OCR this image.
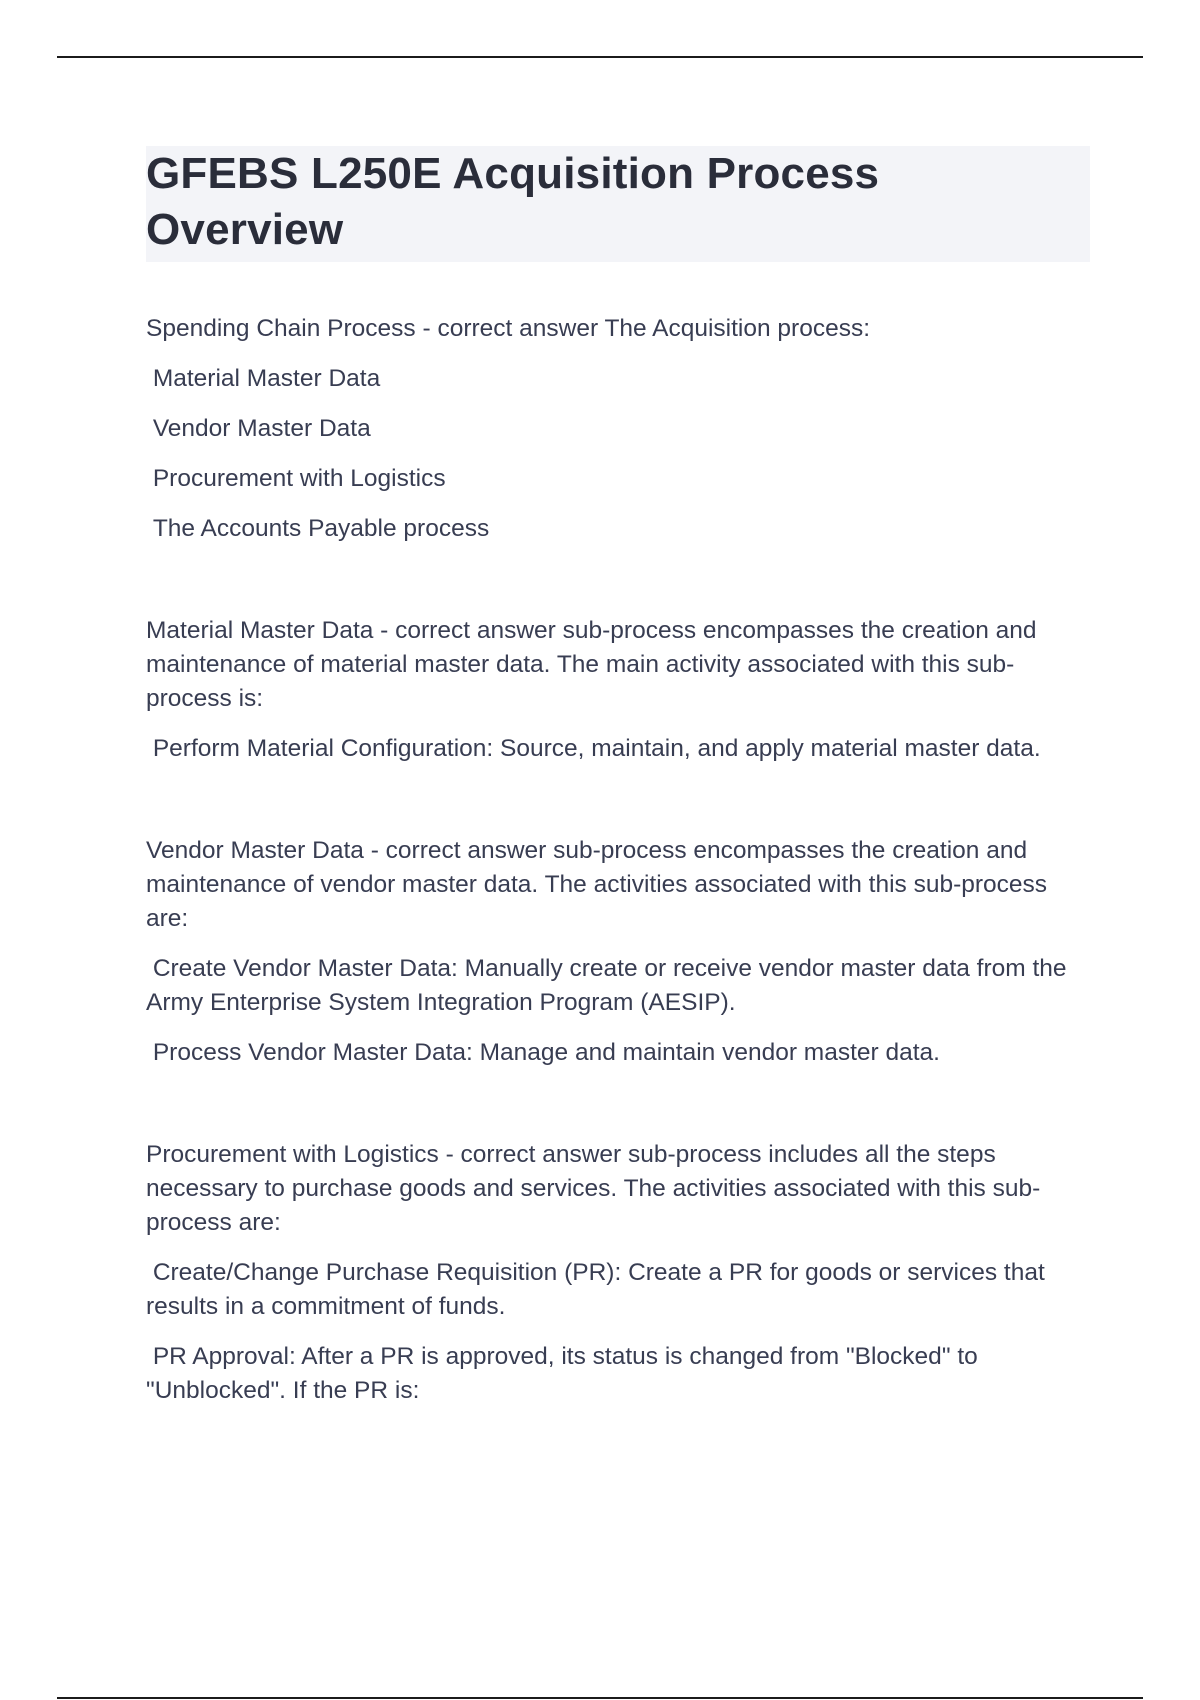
GFEBS L250E Acquisition Process Overview

Spending Chain Process - correct answer The Acquisition process:

Material Master Data

Vendor Master Data

Procurement with Logistics

The Accounts Payable process

Material Master Data - correct answer sub-process encompasses the creation and maintenance of material master data. The main activity associated with this sub-process is:

Perform Material Configuration: Source, maintain, and apply material master data.

Vendor Master Data - correct answer sub-process encompasses the creation and maintenance of vendor master data. The activities associated with this sub-process are:

Create Vendor Master Data: Manually create or receive vendor master data from the Army Enterprise System Integration Program (AESIP).

Process Vendor Master Data: Manage and maintain vendor master data.

Procurement with Logistics - correct answer sub-process includes all the steps necessary to purchase goods and services. The activities associated with this sub-process are:

Create/Change Purchase Requisition (PR): Create a PR for goods or services that results in a commitment of funds.

PR Approval: After a PR is approved, its status is changed from "Blocked" to "Unblocked". If the PR is:
